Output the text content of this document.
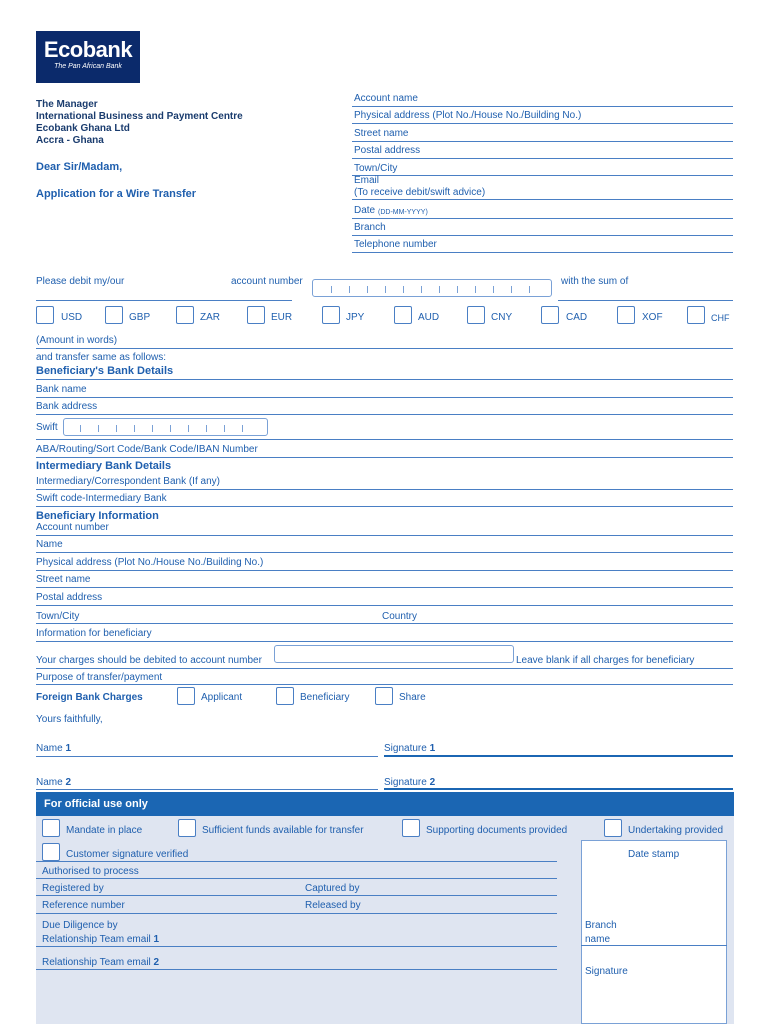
Ecobank
The Pan African Bank
The Manager
International Business and Payment Centre
Ecobank Ghana Ltd
Accra - Ghana
Dear Sir/Madam,
Application for a Wire Transfer
Account name
Physical address (Plot No./House No./Building No.)
Street name
Postal address
Town/City
Email
(To receive debit/swift advice)
Date (DD-MM-YYYY)
Branch
Telephone number
Please debit my/our	account number	with the sum of
USD	GBP	ZAR	EUR	JPY	AUD	CNY	CAD	XOF	CHF
(Amount in words)
and transfer same as follows:
Beneficiary's Bank Details
Bank name
Bank address
Swift
ABA/Routing/Sort Code/Bank Code/IBAN Number
Intermediary Bank Details
Intermediary/Correspondent Bank (If any)
Swift code-Intermediary Bank
Beneficiary Information
Account number
Name
Physical address (Plot No./House No./Building No.)
Street name
Postal address
Town/City	Country
Information for beneficiary
Your charges should be debited to account number	Leave blank if all charges for beneficiary
Purpose of transfer/payment
Foreign Bank Charges	Applicant	Beneficiary	Share
Yours faithfully,
Name 1	Signature 1
Name 2	Signature 2
For official use only
Mandate in place	Sufficient funds available for transfer	Supporting documents provided	Undertaking provided
Customer signature verified
Authorised to process
Registered by	Captured by
Reference number	Released by
Due Diligence by
Relationship Team email 1
Relationship Team email 2
Date stamp
Branch
name
Signature
